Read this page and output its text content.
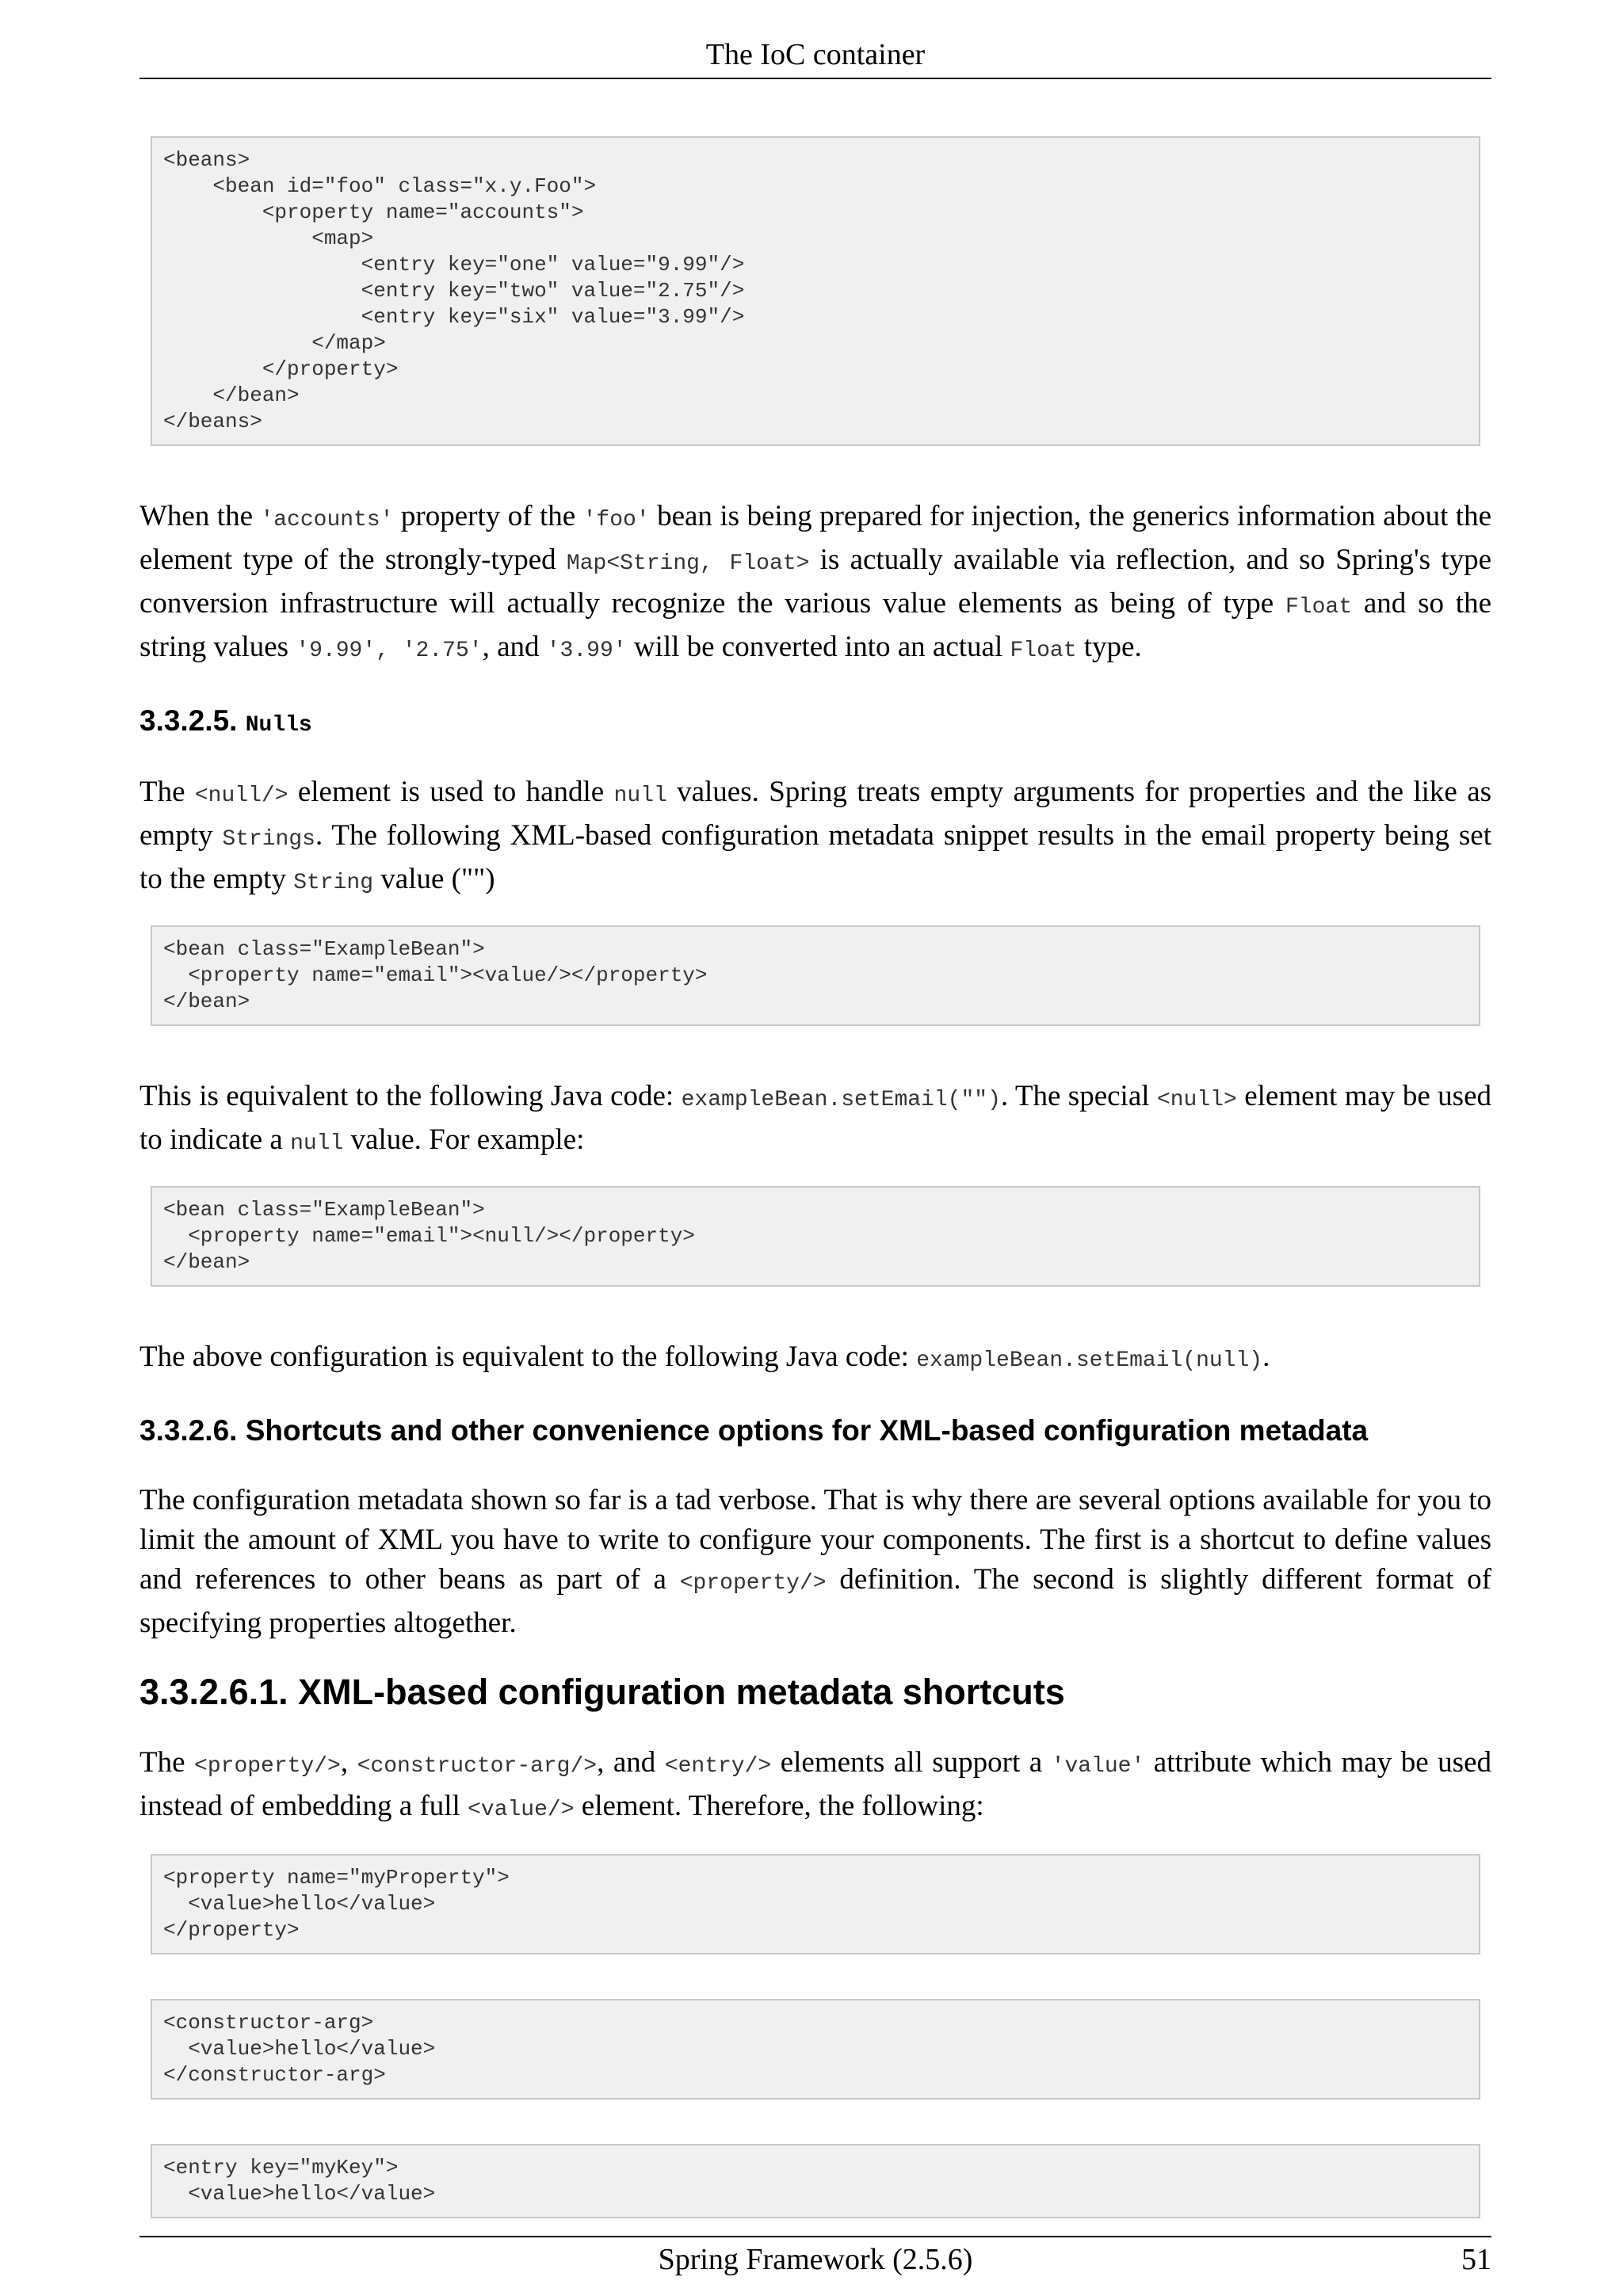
The IoC container
<beans>
<bean id="foo" class="x.y.Foo">
<property name="accounts">
<map>
<entry key="one" value="9.99"/>
<entry key="two" value="2.75"/>
<entry key="six" value="3.99"/>
</map>
</property>
</bean>
</beans>

When the 'accounts' property of the 'foo' bean is being prepared for injection, the generics information about the element type of the strongly-typed Map<String, Float> is actually available via reflection, and so Spring's type conversion infrastructure will actually recognize the various value elements as being of type Float and so the string values '9.99', '2.75', and '3.99' will be converted into an actual Float type.

3.3.2.5. Nulls

The <null/> element is used to handle null values. Spring treats empty arguments for properties and the like as empty Strings. The following XML-based configuration metadata snippet results in the email property being set to the empty String value ("")

<bean class="ExampleBean">
<property name="email"><value/></property>
</bean>

This is equivalent to the following Java code: exampleBean.setEmail(""). The special <null> element may be used to indicate a null value. For example:

<bean class="ExampleBean">
<property name="email"><null/></property>
</bean>

The above configuration is equivalent to the following Java code: exampleBean.setEmail(null).

3.3.2.6. Shortcuts and other convenience options for XML-based configuration metadata

The configuration metadata shown so far is a tad verbose. That is why there are several options available for you to limit the amount of XML you have to write to configure your components. The first is a shortcut to define values and references to other beans as part of a <property/> definition. The second is slightly different format of specifying properties altogether.

3.3.2.6.1. XML-based configuration metadata shortcuts

The <property/>, <constructor-arg/>, and <entry/> elements all support a 'value' attribute which may be used instead of embedding a full <value/> element. Therefore, the following:

<property name="myProperty">
<value>hello</value>
</property>
<constructor-arg>
<value>hello</value>
</constructor-arg>
<entry key="myKey">
<value>hello</value>
Spring Framework (2.5.6)	51
